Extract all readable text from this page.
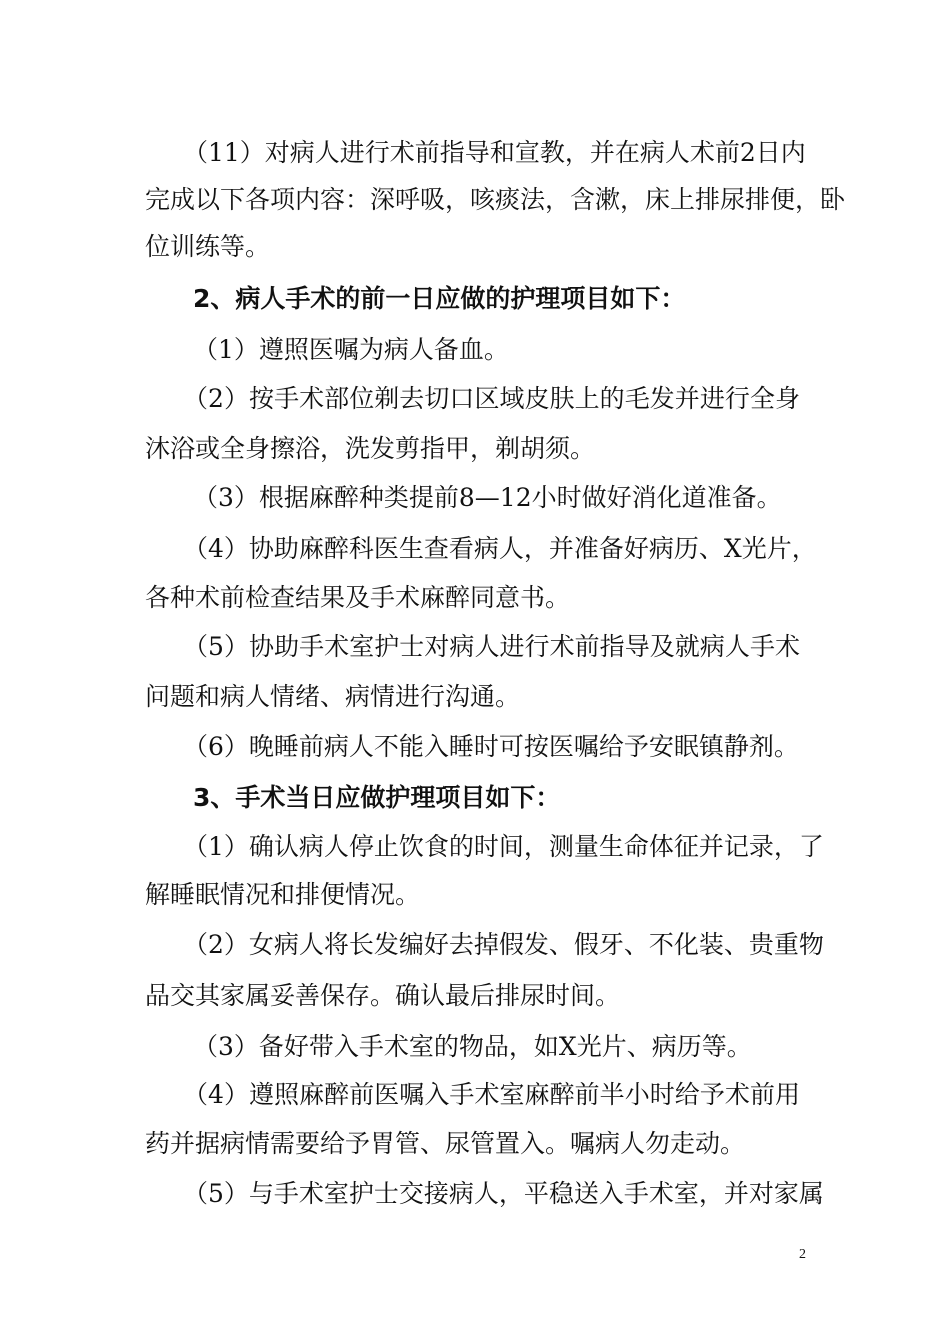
（11）对病人进行术前指导和宣教，并在病人术前2日内
完成以下各项内容：深呼吸，咳痰法，含漱，床上排尿排便，卧
位训练等。
2、病人手术的前一日应做的护理项目如下：
（1）遵照医嘱为病人备血。
（2）按手术部位剃去切口区域皮肤上的毛发并进行全身
沐浴或全身擦浴，洗发剪指甲，剃胡须。
（3）根据麻醉种类提前8—12小时做好消化道准备。
（4）协助麻醉科医生查看病人，并准备好病历、X光片，
各种术前检查结果及手术麻醉同意书。
（5）协助手术室护士对病人进行术前指导及就病人手术
问题和病人情绪、病情进行沟通。
（6）晚睡前病人不能入睡时可按医嘱给予安眠镇静剂。
3、手术当日应做护理项目如下：
（1）确认病人停止饮食的时间，测量生命体征并记录，了
解睡眠情况和排便情况。
（2）女病人将长发编好去掉假发、假牙、不化装、贵重物
品交其家属妥善保存。确认最后排尿时间。
（3）备好带入手术室的物品，如X光片、病历等。
（4）遵照麻醉前医嘱入手术室麻醉前半小时给予术前用
药并据病情需要给予胃管、尿管置入。嘱病人勿走动。
（5）与手术室护士交接病人，平稳送入手术室，并对家属
2
